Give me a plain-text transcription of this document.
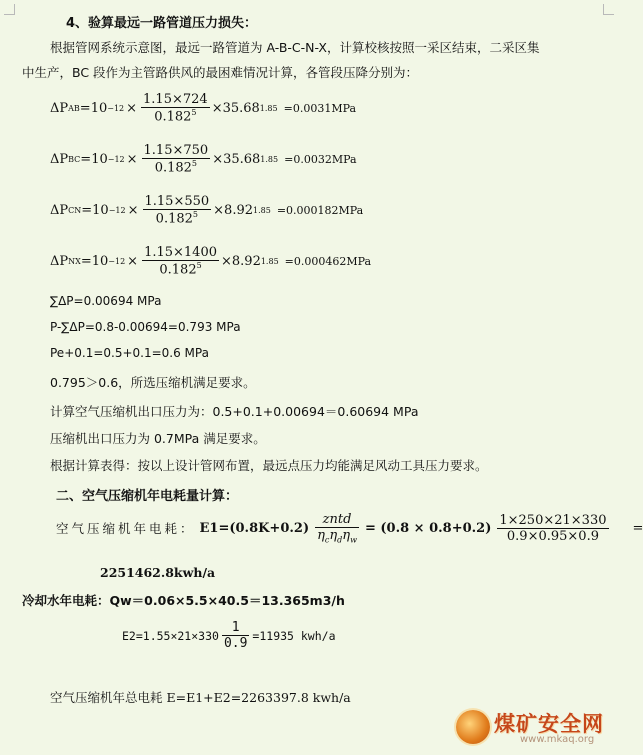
4、验算最远一路管道压力损失：
根据管网系统示意图，最远一路管道为 A-B-C-N-X，计算校核按照一采区结束，二采区集
中生产，BC 段作为主管路供风的最困难情况计算，各管段压降分别为：
ΔP AB $=10 -12 \times \frac{1.15\times 724}{0.182^5} \times 35.68$ 1.85 =0.0031MPa
ΔP BC $=10 -12 \times \frac{1.15\times 750}{0.182^5} \times 35.68$ 1.85 =0.0032MPa
ΔP CN $=10 -12 \times \frac{1.15\times 550}{0.182^5} \times 8.92$ 1.85 =0.000182MPa
ΔP NX $=10 -12 \times \frac{1.15\times 1400}{0.182^5} \times 8.92$ 1.85 =0.000462MPa
∑ΔP=0.00694 MPa
P-∑ΔP=0.8-0.00694=0.793 MPa
Pe+0.1=0.5+0.1=0.6 MPa
0.795＞0.6，所选压缩机满足要求。
计算空气压缩机出口压力为：0.5+0.1+0.00694＝0.60694 MPa
压缩机出口压力为 0.7MPa 满足要求。
根据计算表得：按以上设计管网布置，最远点压力均能满足风动工具压力要求。
二、空气压缩机年电耗量计算：
空气压缩机年电耗： $E1=(0.8K+0.2) \frac{\text{zntd}}{\eta_c\eta_d\eta_w} = (0.8 \times 0.8+0.2) \frac{1\times 250\times 21\times 330}{0.9\times 0.95\times 0.9}$ =
2251462.8kwh/a
冷却水年电耗：Qw＝0.06×5.5×40.5＝13.365m3/h
$E2=1.55\times 21\times 330 \frac{1}{0.9} =11935$ kwh/a
空气压缩机年总电耗 E=E1+E2=2263397.8 kwh/a
煤矿安全网
www.mkaq.org
